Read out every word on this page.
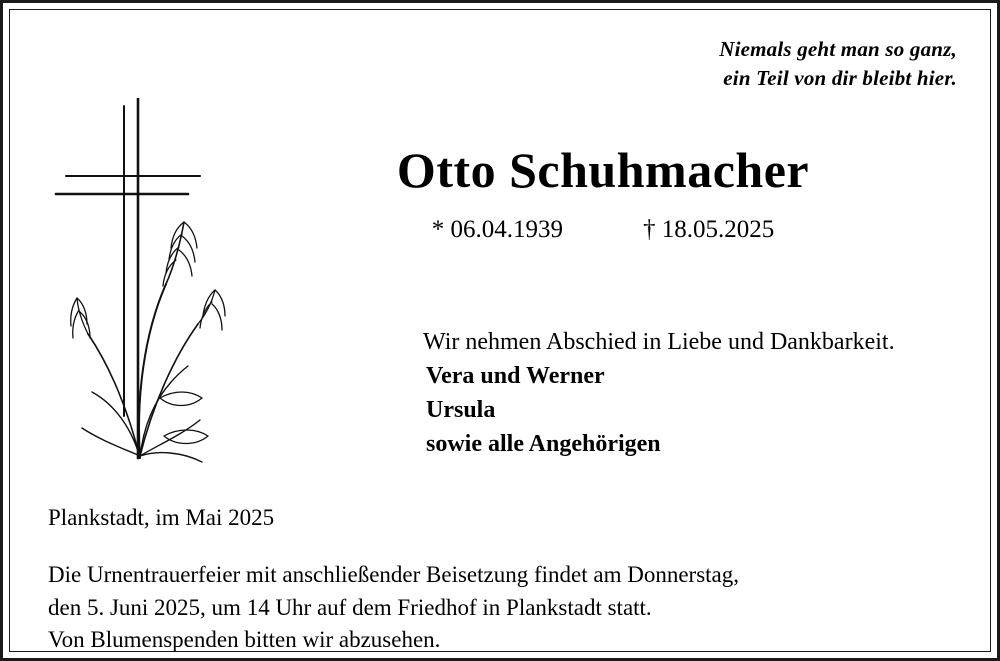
Niemals geht man so ganz,
ein Teil von dir bleibt hier.
Otto Schuhmacher
* 06.04.1939	† 18.05.2025
Wir nehmen Abschied in Liebe und Dankbarkeit.
Vera und Werner
Ursula
sowie alle Angehörigen
Plankstadt, im Mai 2025
Die Urnentrauerfeier mit anschließender Beisetzung findet am Donnerstag,
den 5. Juni 2025, um 14 Uhr auf dem Friedhof in Plankstadt statt.
Von Blumenspenden bitten wir abzusehen.
